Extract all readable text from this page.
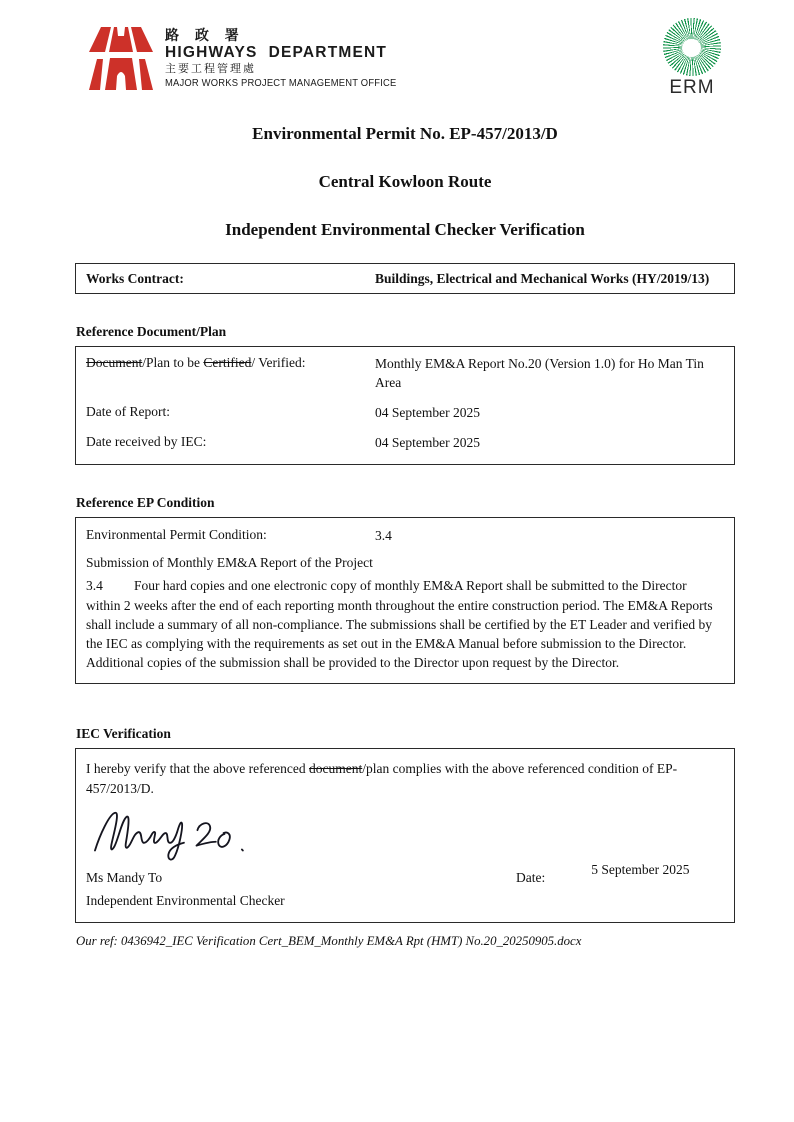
路 政 署
HIGHWAYS  DEPARTMENT
主要工程管理處
MAJOR WORKS PROJECT MANAGEMENT OFFICE	ERM
Environmental Permit No. EP-457/2013/D
Central Kowloon Route
Independent Environmental Checker Verification
Works Contract:	Buildings, Electrical and Mechanical Works (HY/2019/13)
Reference Document/Plan
Document/Plan to be Certified/ Verified:	Monthly EM&A Report No.20 (Version 1.0) for Ho Man Tin Area
Date of Report:	04 September 2025
Date received by IEC:	04 September 2025
Reference EP Condition
Environmental Permit Condition:	3.4
Submission of Monthly EM&A Report of the Project
3.4 Four hard copies and one electronic copy of monthly EM&A Report shall be submitted to the Director within 2 weeks after the end of each reporting month throughout the entire construction period. The EM&A Reports shall include a summary of all non-compliance. The submissions shall be certified by the ET Leader and verified by the IEC as complying with the requirements as set out in the EM&A Manual before submission to the Director. Additional copies of the submission shall be provided to the Director upon request by the Director.
IEC Verification
I hereby verify that the above referenced document/plan complies with the above referenced condition of EP-457/2013/D.
Ms Mandy To	Date:
5 September 2025
Independent Environmental Checker
Our ref: 0436942_IEC Verification Cert_BEM_Monthly EM&A Rpt (HMT) No.20_20250905.docx
